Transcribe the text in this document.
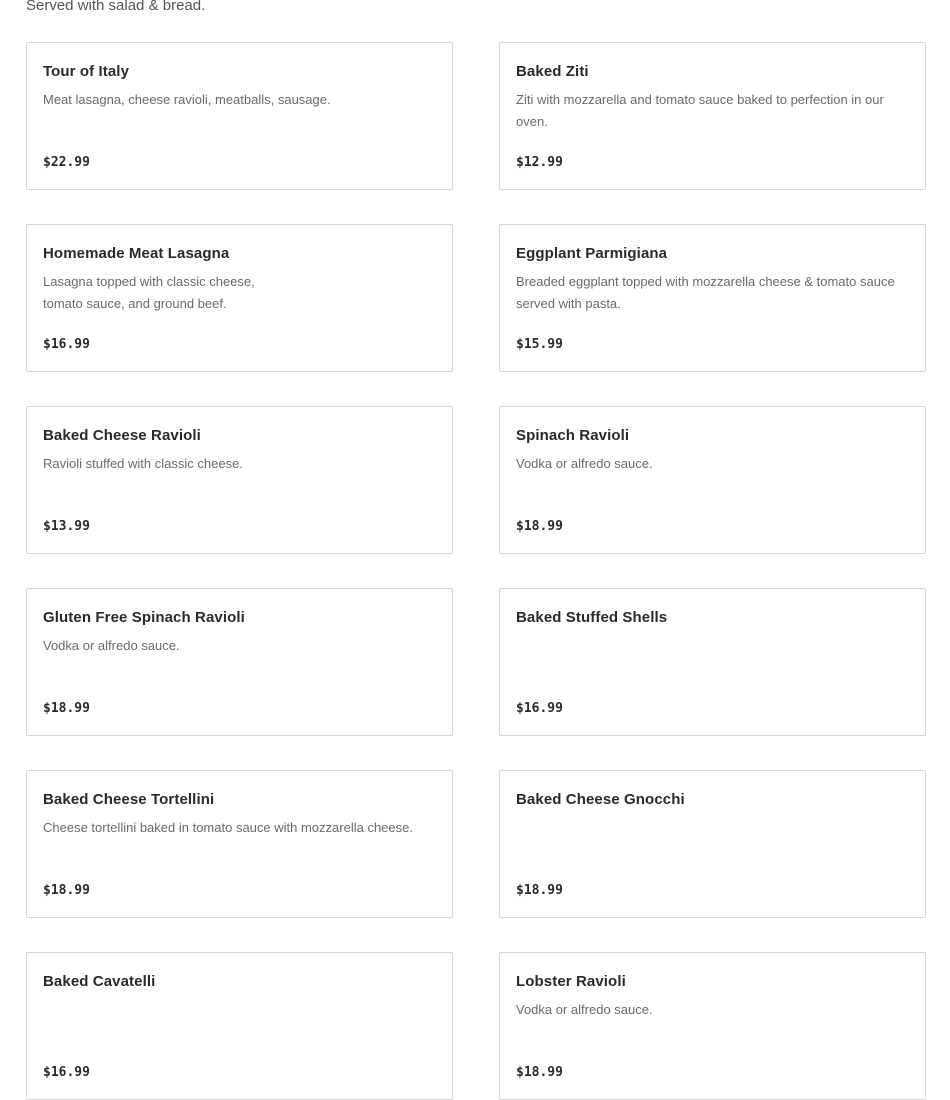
Served with salad & bread.
Tour of Italy
Meat lasagna, cheese ravioli, meatballs, sausage.
$22.99
Baked Ziti
Ziti with mozzarella and tomato sauce baked to perfection in our oven.
$12.99
Homemade Meat Lasagna
Lasagna topped with classic cheese, tomato sauce, and ground beef.
$16.99
Eggplant Parmigiana
Breaded eggplant topped with mozzarella cheese & tomato sauce served with pasta.
$15.99
Baked Cheese Ravioli
Ravioli stuffed with classic cheese.
$13.99
Spinach Ravioli
Vodka or alfredo sauce.
$18.99
Gluten Free Spinach Ravioli
Vodka or alfredo sauce.
$18.99
Baked Stuffed Shells
$16.99
Baked Cheese Tortellini
Cheese tortellini baked in tomato sauce with mozzarella cheese.
$18.99
Baked Cheese Gnocchi
$18.99
Baked Cavatelli
$16.99
Lobster Ravioli
Vodka or alfredo sauce.
$18.99
